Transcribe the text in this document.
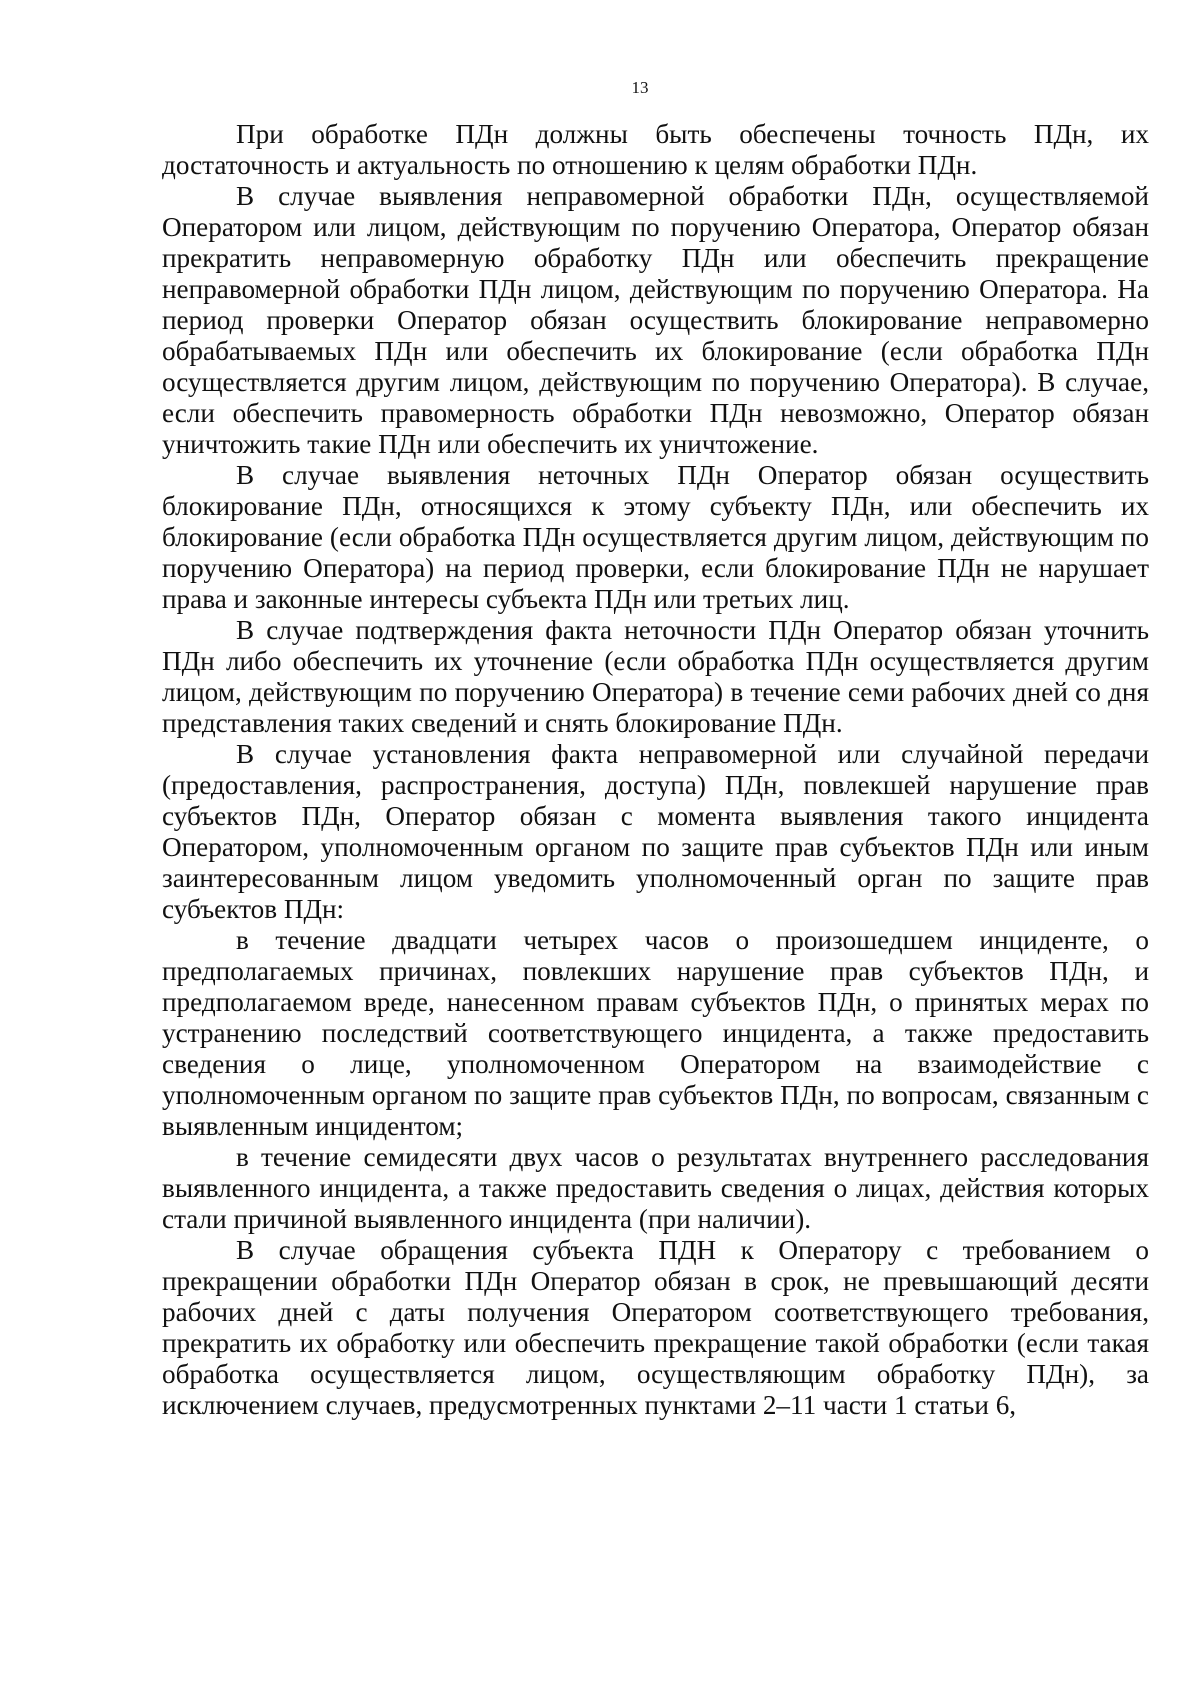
13

При обработке ПДн должны быть обеспечены точность ПДн, их достаточность и актуальность по отношению к целям обработки ПДн.

В случае выявления неправомерной обработки ПДн, осуществляемой Оператором или лицом, действующим по поручению Оператора, Оператор обязан прекратить неправомерную обработку ПДн или обеспечить прекращение неправомерной обработки ПДн лицом, действующим по поручению Оператора. На период проверки Оператор обязан осуществить блокирование неправомерно обрабатываемых ПДн или обеспечить их блокирование (если обработка ПДн осуществляется другим лицом, действующим по поручению Оператора). В случае, если обеспечить правомерность обработки ПДн невозможно, Оператор обязан уничтожить такие ПДн или обеспечить их уничтожение.

В случае выявления неточных ПДн Оператор обязан осуществить блокирование ПДн, относящихся к этому субъекту ПДн, или обеспечить их блокирование (если обработка ПДн осуществляется другим лицом, действующим по поручению Оператора) на период проверки, если блокирование ПДн не нарушает права и законные интересы субъекта ПДн или третьих лиц.

В случае подтверждения факта неточности ПДн Оператор обязан уточнить ПДн либо обеспечить их уточнение (если обработка ПДн осуществляется другим лицом, действующим по поручению Оператора) в течение семи рабочих дней со дня представления таких сведений и снять блокирование ПДн.

В случае установления факта неправомерной или случайной передачи (предоставления, распространения, доступа) ПДн, повлекшей нарушение прав субъектов ПДн, Оператор обязан с момента выявления такого инцидента Оператором, уполномоченным органом по защите прав субъектов ПДн или иным заинтересованным лицом уведомить уполномоченный орган по защите прав субъектов ПДн:

в течение двадцати четырех часов о произошедшем инциденте, о предполагаемых причинах, повлекших нарушение прав субъектов ПДн, и предполагаемом вреде, нанесенном правам субъектов ПДн, о принятых мерах по устранению последствий соответствующего инцидента, а также предоставить сведения о лице, уполномоченном Оператором на взаимодействие с уполномоченным органом по защите прав субъектов ПДн, по вопросам, связанным с выявленным инцидентом;

в течение семидесяти двух часов о результатах внутреннего расследования выявленного инцидента, а также предоставить сведения о лицах, действия которых стали причиной выявленного инцидента (при наличии).

В случае обращения субъекта ПДН к Оператору с требованием о прекращении обработки ПДн Оператор обязан в срок, не превышающий десяти рабочих дней с даты получения Оператором соответствующего требования, прекратить их обработку или обеспечить прекращение такой обработки (если такая обработка осуществляется лицом, осуществляющим обработку ПДн), за исключением случаев, предусмотренных пунктами 2–11 части 1 статьи 6,
